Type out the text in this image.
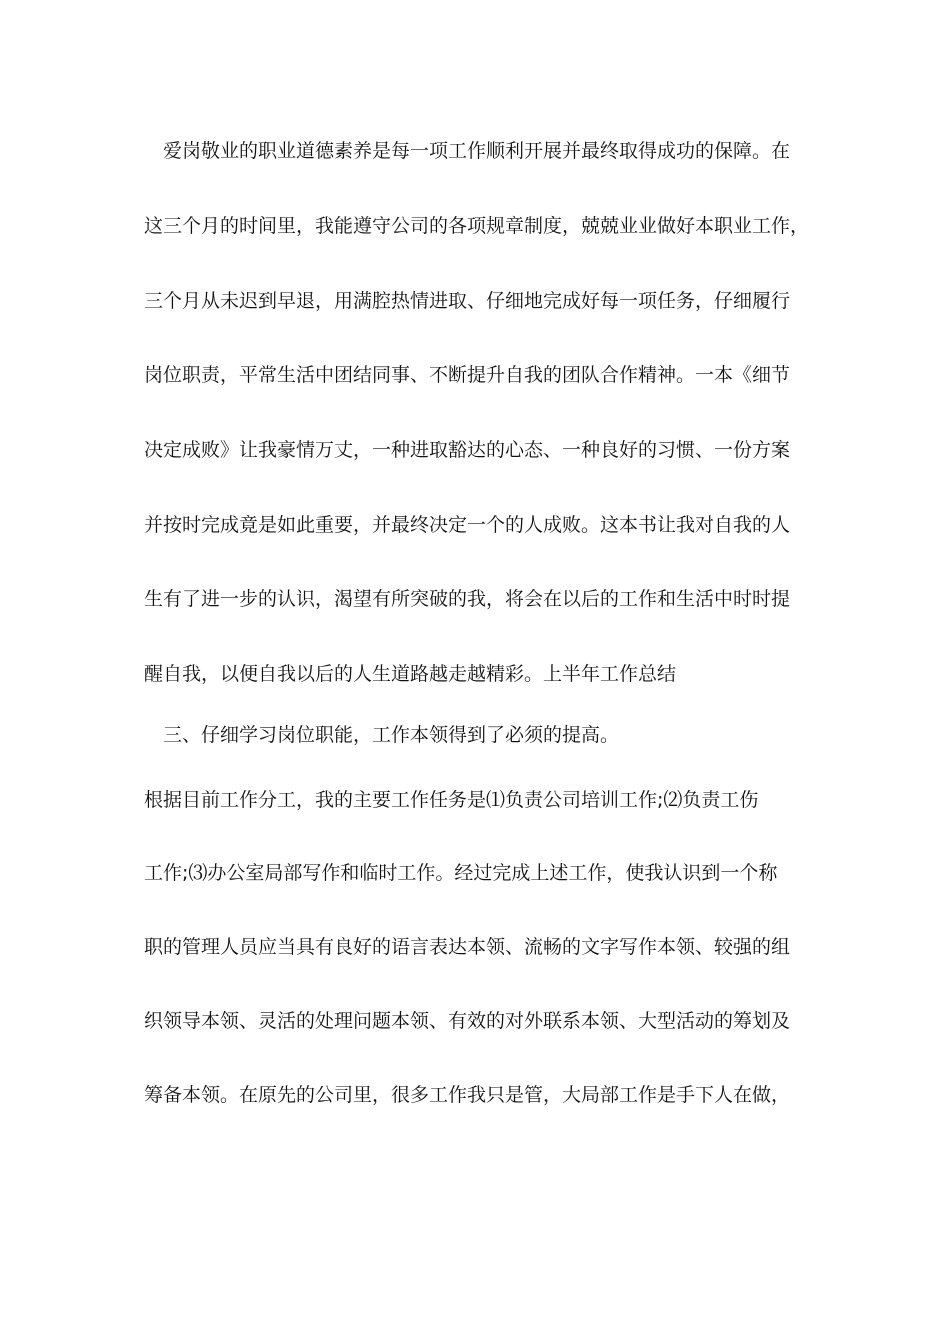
　爱岗敬业的职业道德素养是每一项工作顺利开展并最终取得成功的保障。在
这三个月的时间里，我能遵守公司的各项规章制度，兢兢业业做好本职业工作，
三个月从未迟到早退，用满腔热情进取、仔细地完成好每一项任务，仔细履行
岗位职责，平常生活中团结同事、不断提升自我的团队合作精神。一本《细节
决定成败》让我豪情万丈，一种进取豁达的心态、一种良好的习惯、一份方案
并按时完成竟是如此重要，并最终决定一个的人成败。这本书让我对自我的人
生有了进一步的认识，渴望有所突破的我，将会在以后的工作和生活中时时提
醒自我，以便自我以后的人生道路越走越精彩。上半年工作总结
　三、仔细学习岗位职能，工作本领得到了必须的提高。
根据目前工作分工，我的主要工作任务是⑴负责公司培训工作;⑵负责工伤
工作;⑶办公室局部写作和临时工作。经过完成上述工作，使我认识到一个称
职的管理人员应当具有良好的语言表达本领、流畅的文字写作本领、较强的组
织领导本领、灵活的处理问题本领、有效的对外联系本领、大型活动的筹划及
筹备本领。在原先的公司里，很多工作我只是管，大局部工作是手下人在做，
